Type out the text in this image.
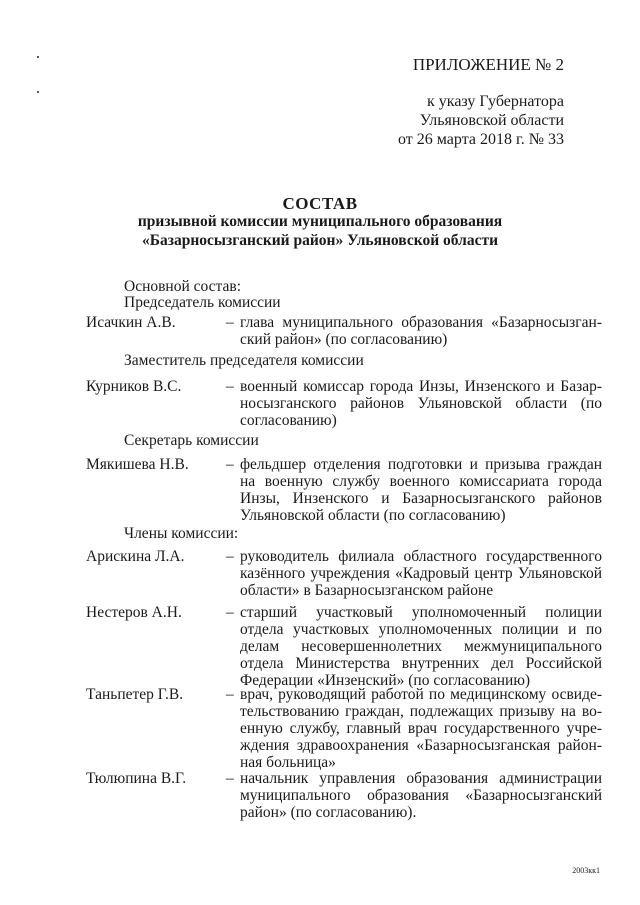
ПРИЛОЖЕНИЕ № 2
к указу Губернатора
Ульяновской области
от 26 марта 2018 г. № 33
СОСТАВ
призывной комиссии муниципального образования
«Базарносызганский район» Ульяновской области
Основной состав:
Председатель комиссии
Исачкин А.В.	– глава муниципального образования «Базарносызган-ский район» (по согласованию)
Заместитель председателя комиссии
Курников В.С.	– военный комиссар города Инзы, Инзенского и Базар-носызганского районов Ульяновской области (по согласованию)
Секретарь комиссии
Мякишева Н.В. – фельдшер отделения подготовки и призыва граждан на военную службу военного комиссариата города Инзы, Инзенского и Базарносызганского районов Ульяновской области (по согласованию)
Члены комиссии:
Арискина Л.А.	– руководитель филиала областного государственного казённого учреждения «Кадровый центр Ульяновской области» в Базарносызганском районе
Нестеров А.Н.	– старший участковый уполномоченный полиции отдела участковых уполномоченных полиции и по делам несовершеннолетних межмуниципального отдела Министерства внутренних дел Российской Федерации «Инзенский» (по согласованию)
Таньпетер Г.В.	– врач, руководящий работой по медицинскому освиде-тельствованию граждан, подлежащих призыву на во-енную службу, главный врач государственного учре-ждения здравоохранения «Базарносызганская район-ная больница»
Тюлюпина В.Г.	– начальник управления образования администрации муниципального образования «Базарносызганский район» (по согласованию).
2003кк1
